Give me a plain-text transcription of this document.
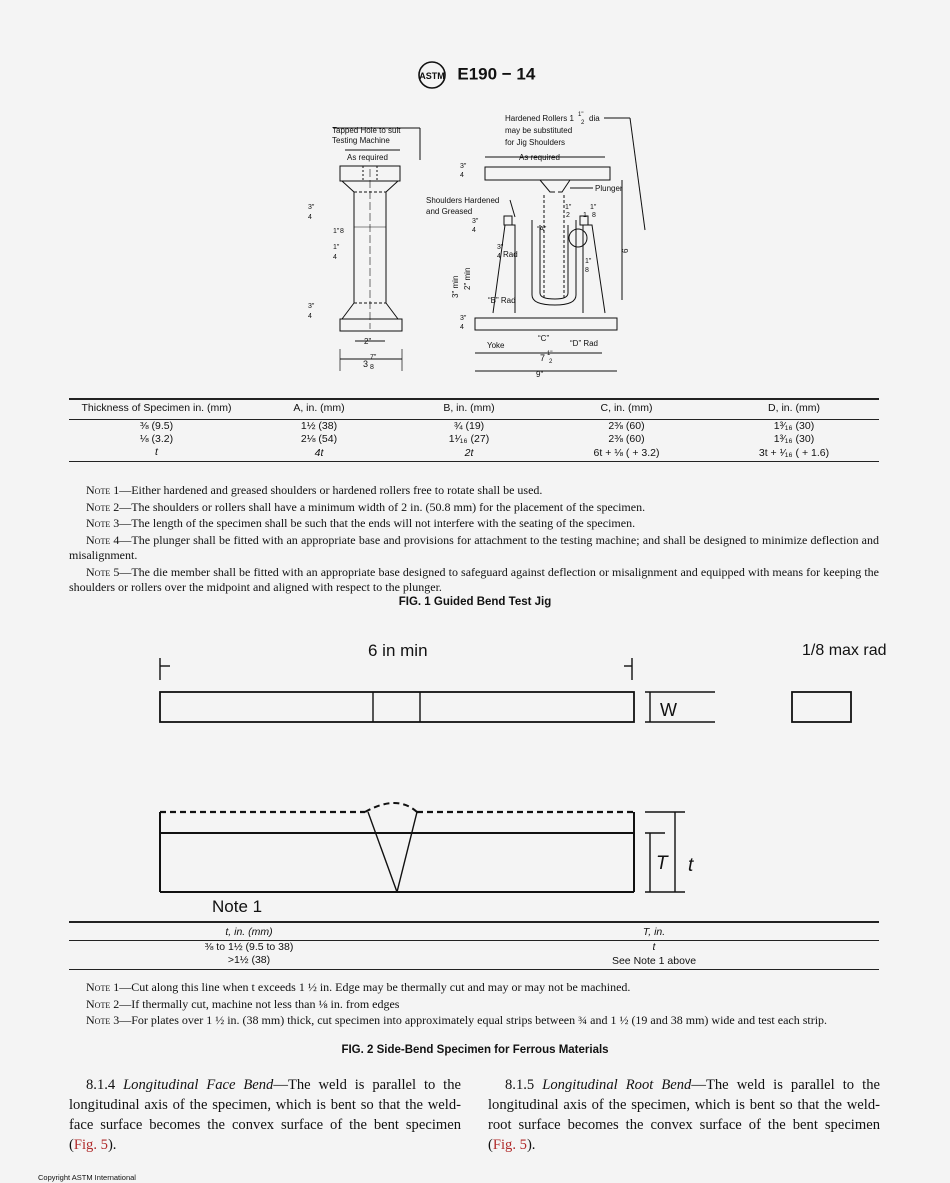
ASTM E190 − 14
Tapped Hole to suit
Testing Machine
As required
2"
3
7"
8
3"
4
1" 8
1"
4
3"
4
Hardened Rollers 1 1"
2 dia
may be substituted
for Jig Shoulders
As required
Plunger
Shoulders Hardened
and Greased
“A”
Rad
“B” Rad
Yoke
“C”
“D” Rad
7 1"
2
9"
3" min 2" min
6
1"
2
1"
1 8
1"
8
3"
4
3"
4
3"
4
3"
4
Thickness of Specimen in. (mm)	A, in. (mm)	B, in. (mm)	C, in. (mm)	D, in. (mm)
⅜ (9.5)	1½ (38)	¾ (19)	2⅜ (60)	1³⁄₁₆ (30)
⅛ (3.2)	2⅛ (54)	1¹⁄₁₆ (27)	2⅜ (60)	1³⁄₁₆ (30)
t	4t	2t	6t + ⅛ ( + 3.2)	3t + ¹⁄₁₆ ( + 1.6)
Note 1—Either hardened and greased shoulders or hardened rollers free to rotate shall be used.
Note 2—The shoulders or rollers shall have a minimum width of 2 in. (50.8 mm) for the placement of the specimen.
Note 3—The length of the specimen shall be such that the ends will not interfere with the seating of the specimen.
Note 4—The plunger shall be fitted with an appropriate base and provisions for attachment to the testing machine; and shall be designed to minimize deflection and misalignment.
Note 5—The die member shall be fitted with an appropriate base designed to safeguard against deflection or misalignment and equipped with means for keeping the shoulders or rollers over the midpoint and aligned with respect to the plunger.
FIG. 1 Guided Bend Test Jig
6 in min	1/8 max rad
W
T t
Note 1
t, in. (mm)	T, in.
⅜ to 1½ (9.5 to 38)	t
>1½ (38)	See Note 1 above
Note 1—Cut along this line when t exceeds 1 ½ in. Edge may be thermally cut and may or may not be machined.
Note 2—If thermally cut, machine not less than ⅛ in. from edges
Note 3—For plates over 1 ½ in. (38 mm) thick, cut specimen into approximately equal strips between ¾ and 1 ½ (19 and 38 mm) wide and test each strip.
FIG. 2 Side-Bend Specimen for Ferrous Materials
8.1.4 Longitudinal Face Bend—The weld is parallel to the longitudinal axis of the specimen, which is bent so that the weld-face surface becomes the convex surface of the bent specimen (Fig. 5).
8.1.5 Longitudinal Root Bend—The weld is parallel to the longitudinal axis of the specimen, which is bent so that the weld-root surface becomes the convex surface of the bent specimen (Fig. 5).
Copyright ASTM International
